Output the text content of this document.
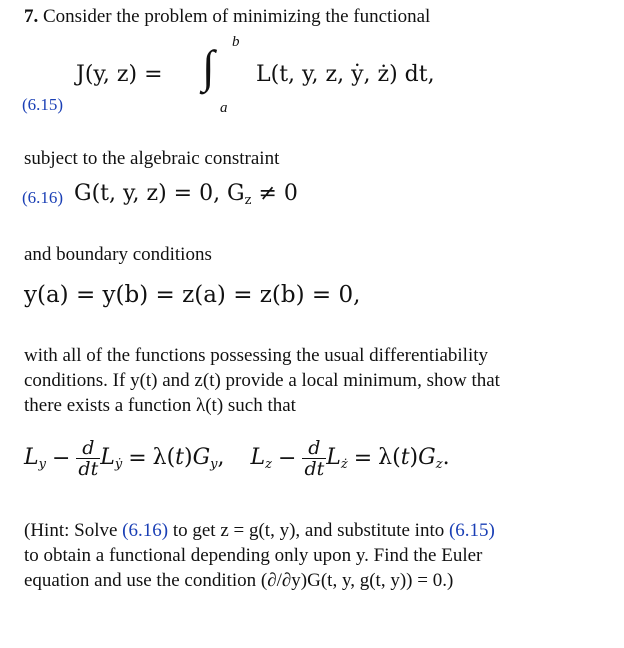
7. Consider the problem of minimizing the functional
J(y, z) = ∫ b
a
L(t, y, z, ẏ, ż) dt,
(6.15)
subject to the algebraic constraint
(6.16) G(t, y, z) = 0, $G_z \ne 0$
and boundary conditions
y(a) = y(b) = z(a) = z(b) = 0,
with all of the functions possessing the usual differentiability
conditions. If y(t) and z(t) provide a local minimum, show that
there exists a function λ(t) such that
$L_y - \frac{d}{dt} L_ẏ = \lambda(t)G_y$, $L_z - \frac{d}{dt} L_ż = \lambda(t)G_z$.
(Hint: Solve (6.16) to get z = g(t, y), and substitute into (6.15)
to obtain a functional depending only upon y. Find the Euler
equation and use the condition (∂/∂y)G(t, y, g(t, y)) = 0.)
